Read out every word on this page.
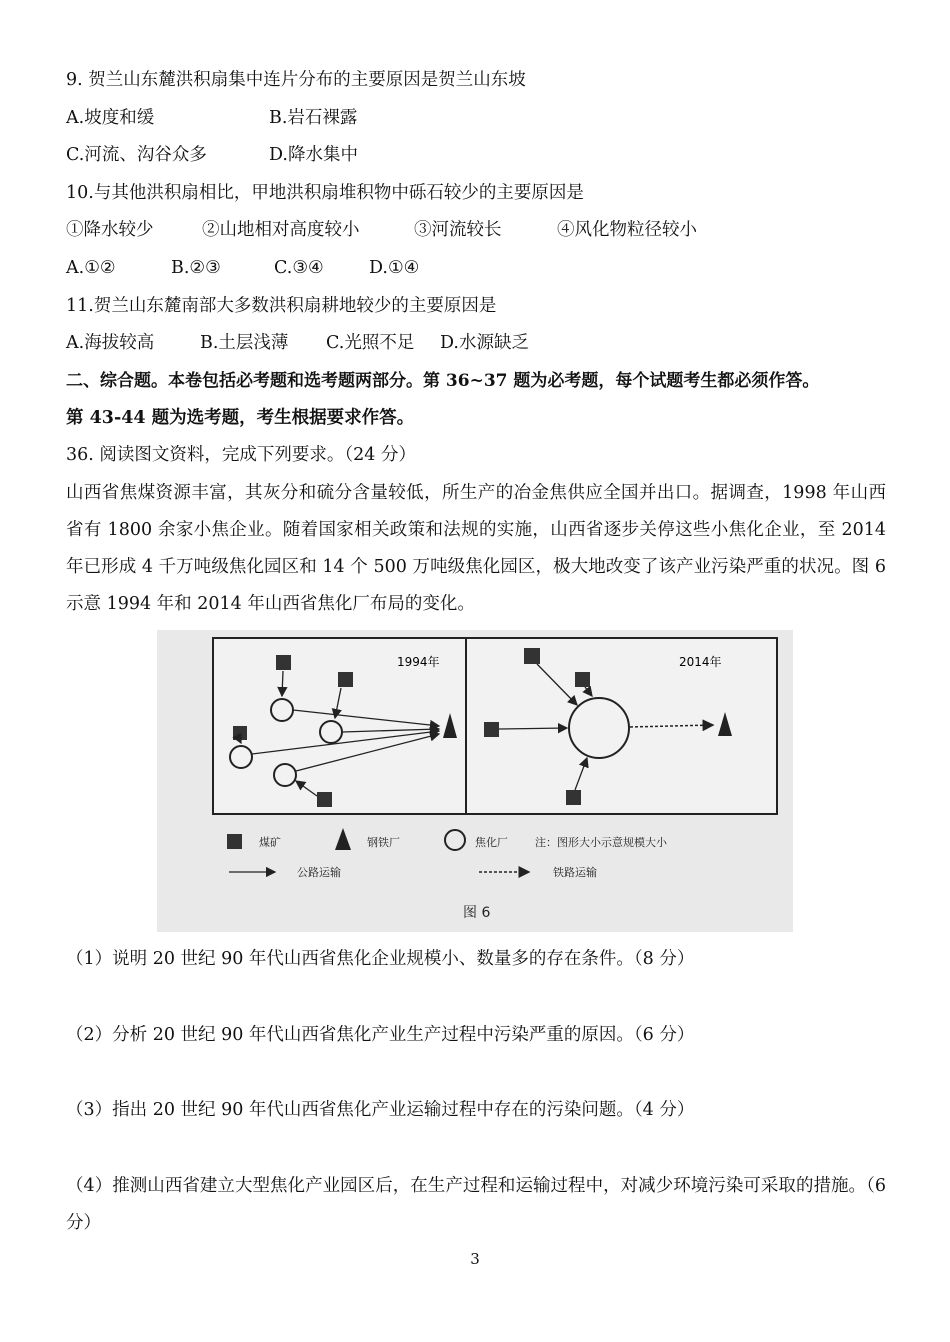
9. 贺兰山东麓洪积扇集中连片分布的主要原因是贺兰山东坡
A.坡度和缓	B.岩石裸露
C.河流、沟谷众多	D.降水集中
10.与其他洪积扇相比，甲地洪积扇堆积物中砾石较少的主要原因是
①降水较少	②山地相对高度较小	③河流较长	④风化物粒径较小
A.①②	B.②③	C.③④	D.①④
11.贺兰山东麓南部大多数洪积扇耕地较少的主要原因是
A.海拔较高	B.土层浅薄 C.光照不足 D.水源缺乏
二、综合题。本卷包括必考题和选考题两部分。第 36~37 题为必考题，每个试题考生都必须作答。
第 43-44 题为选考题，考生根据要求作答。
36. 阅读图文资料，完成下列要求。（24 分）
山西省焦煤资源丰富，其灰分和硫分含量较低，所生产的冶金焦供应全国并出口。据调查，1998 年山西省有 1800 余家小焦企业。随着国家相关政策和法规的实施，山西省逐步关停这些小焦化企业，至 2014 年已形成 4 千万吨级焦化园区和 14 个 500 万吨级焦化园区，极大地改变了该产业污染严重的状况。图 6 示意 1994 年和 2014 年山西省焦化厂布局的变化。
1994年	2014年
煤矿	钢铁厂	焦化厂 注：图形大小示意规模大小
公路运输	铁路运输
图 6
（1）说明 20 世纪 90 年代山西省焦化企业规模小、数量多的存在条件。（8 分）
（2）分析 20 世纪 90 年代山西省焦化产业生产过程中污染严重的原因。（6 分）
（3）指出 20 世纪 90 年代山西省焦化产业运输过程中存在的污染问题。（4 分）
（4）推测山西省建立大型焦化产业园区后，在生产过程和运输过程中，对减少环境污染可采取的措施。（6 分）
3
